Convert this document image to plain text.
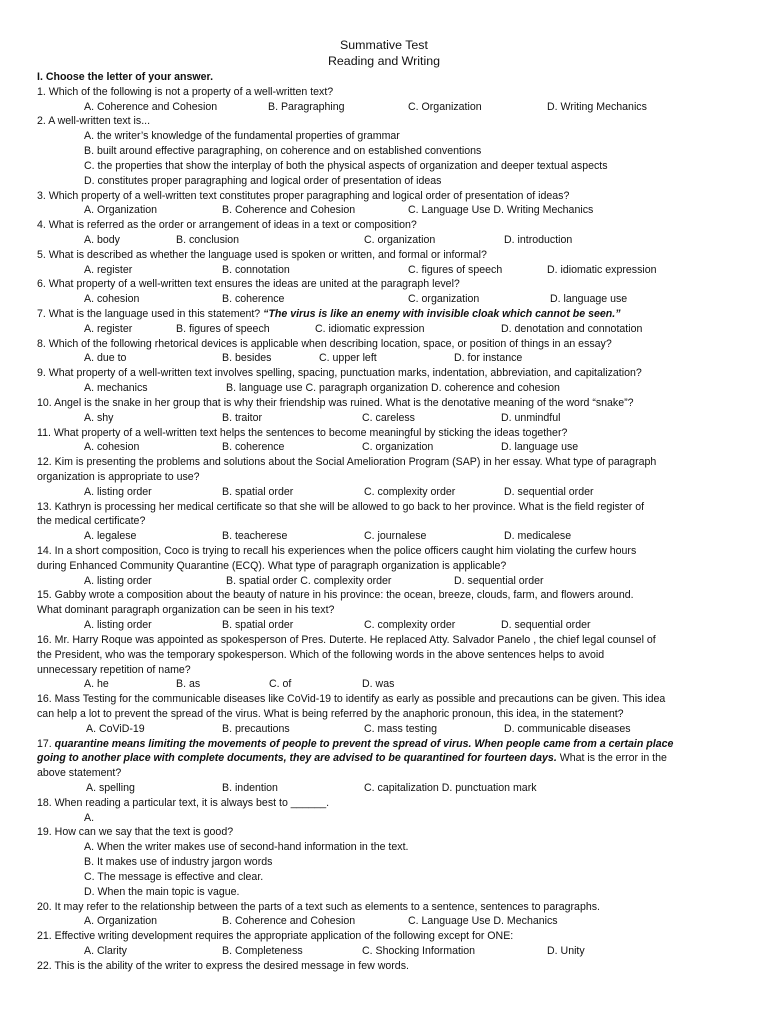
Summative Test
Reading and Writing
I. Choose the letter of your answer.
1. Which of the following is not a property of a well-written text?
A. Coherence and Cohesion	B. Paragraphing	C. Organization	D. Writing Mechanics
2. A well-written text is...
A. the writer’s knowledge of the fundamental properties of grammar
B. built around effective paragraphing, on coherence and on established conventions
C. the properties that show the interplay of both the physical aspects of organization and deeper textual aspects
D. constitutes proper paragraphing and logical order of presentation of ideas
3. Which property of a well-written text constitutes proper paragraphing and logical order of presentation of ideas?
A. Organization	B. Coherence and Cohesion	C. Language Use D. Writing Mechanics
4. What is referred as the order or arrangement of ideas in a text or composition?
A. body	B. conclusion	C. organization	D. introduction
5. What is described as whether the language used is spoken or written, and formal or informal?
A. register	B. connotation	C. figures of speech	D. idiomatic expression
6. What property of a well-written text ensures the ideas are united at the paragraph level?
A. cohesion	B. coherence	C. organization	D. language use
7. What is the language used in this statement? “The virus is like an enemy with invisible cloak which cannot be seen.”
A. register	B. figures of speech	C. idiomatic expression	D. denotation and connotation
8. Which of the following rhetorical devices is applicable when describing location, space, or position of things in an essay?
A. due to	B. besides	C. upper left	D. for instance
9. What property of a well-written text involves spelling, spacing, punctuation marks, indentation, abbreviation, and capitalization?
A. mechanics	B. language use C. paragraph organization D. coherence and cohesion
10. Angel is the snake in her group that is why their friendship was ruined. What is the denotative meaning of the word “snake”?
A. shy	B. traitor	C. careless	D. unmindful
11. What property of a well-written text helps the sentences to become meaningful by sticking the ideas together?
A. cohesion	B. coherence	C. organization	D. language use
12. Kim is presenting the problems and solutions about the Social Amelioration Program (SAP) in her essay. What type of paragraph
organization is appropriate to use?
A. listing order	B. spatial order	C. complexity order	D. sequential order
13. Kathryn is processing her medical certificate so that she will be allowed to go back to her province. What is the field register of
the medical certificate?
A. legalese	B. teacherese	C. journalese	D. medicalese
14. In a short composition, Coco is trying to recall his experiences when the police officers caught him violating the curfew hours
during Enhanced Community Quarantine (ECQ). What type of paragraph organization is applicable?
A. listing order	B. spatial order C. complexity order	D. sequential order
15. Gabby wrote a composition about the beauty of nature in his province: the ocean, breeze, clouds, farm, and flowers around.
What dominant paragraph organization can be seen in his text?
A. listing order	B. spatial order	C. complexity order	D. sequential order
16. Mr. Harry Roque was appointed as spokesperson of Pres. Duterte. He replaced Atty. Salvador Panelo , the chief legal counsel of
the President, who was the temporary spokesperson. Which of the following words in the above sentences helps to avoid
unnecessary repetition of name?
A. he	B. as	C. of	D. was
16. Mass Testing for the communicable diseases like CoVid-19 to identify as early as possible and precautions can be given. This idea
can help a lot to prevent the spread of the virus. What is being referred by the anaphoric pronoun, this idea, in the statement?
A. CoViD-19	B. precautions	C. mass testing	D. communicable diseases
17. quarantine means limiting the movements of people to prevent the spread of virus. When people came from a certain place
going to another place with complete documents, they are advised to be quarantined for fourteen days. What is the error in the
above statement?
A. spelling	B. indention	C. capitalization D. punctuation mark
18. When reading a particular text, it is always best to ______.
A.
19. How can we say that the text is good?
A. When the writer makes use of second-hand information in the text.
B. It makes use of industry jargon words
C. The message is effective and clear.
D. When the main topic is vague.
20. It may refer to the relationship between the parts of a text such as elements to a sentence, sentences to paragraphs.
A. Organization	B. Coherence and Cohesion	C. Language Use D. Mechanics
21. Effective writing development requires the appropriate application of the following except for ONE:
A. Clarity	B. Completeness	C. Shocking Information	D. Unity
22. This is the ability of the writer to express the desired message in few words.
